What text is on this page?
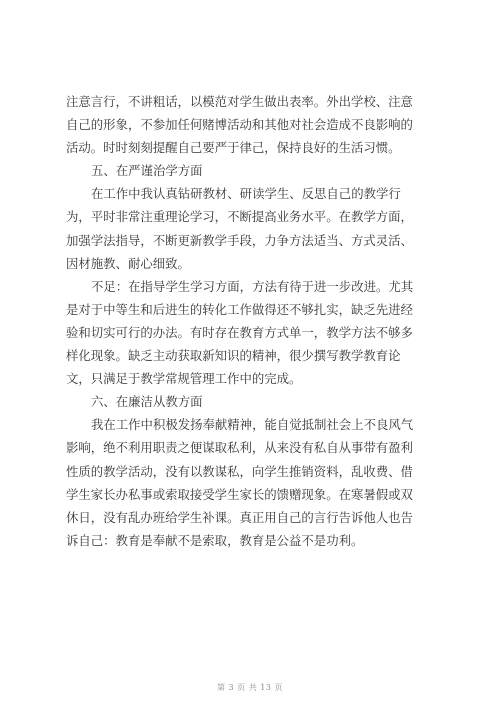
注意言行，不讲粗话，以模范对学生做出表率。外出学校、注意
自己的形象，不参加任何赌博活动和其他对社会造成不良影响的
活动。时时刻刻提醒自己要严于律己，保持良好的生活习惯。
五、在严谨治学方面
在工作中我认真钻研教材、研读学生、反思自己的教学行
为，平时非常注重理论学习，不断提高业务水平。在教学方面，
加强学法指导，不断更新教学手段，力争方法适当、方式灵活、
因材施教、耐心细致。
不足：在指导学生学习方面，方法有待于进一步改进。尤其
是对于中等生和后进生的转化工作做得还不够扎实，缺乏先进经
验和切实可行的办法。有时存在教育方式单一，教学方法不够多
样化现象。缺乏主动获取新知识的精神，很少撰写教学教育论
文，只满足于教学常规管理工作中的完成。
六、在廉洁从教方面
我在工作中积极发扬奉献精神，能自觉抵制社会上不良风气
影响，绝不利用职责之便谋取私利，从来没有私自从事带有盈利
性质的教学活动，没有以教谋私，向学生推销资料，乱收费、借
学生家长办私事或索取接受学生家长的馈赠现象。在寒暑假或双
休日，没有乱办班给学生补课。真正用自己的言行告诉他人也告
诉自己：教育是奉献不是索取，教育是公益不是功利。
第 3 页 共 13 页
